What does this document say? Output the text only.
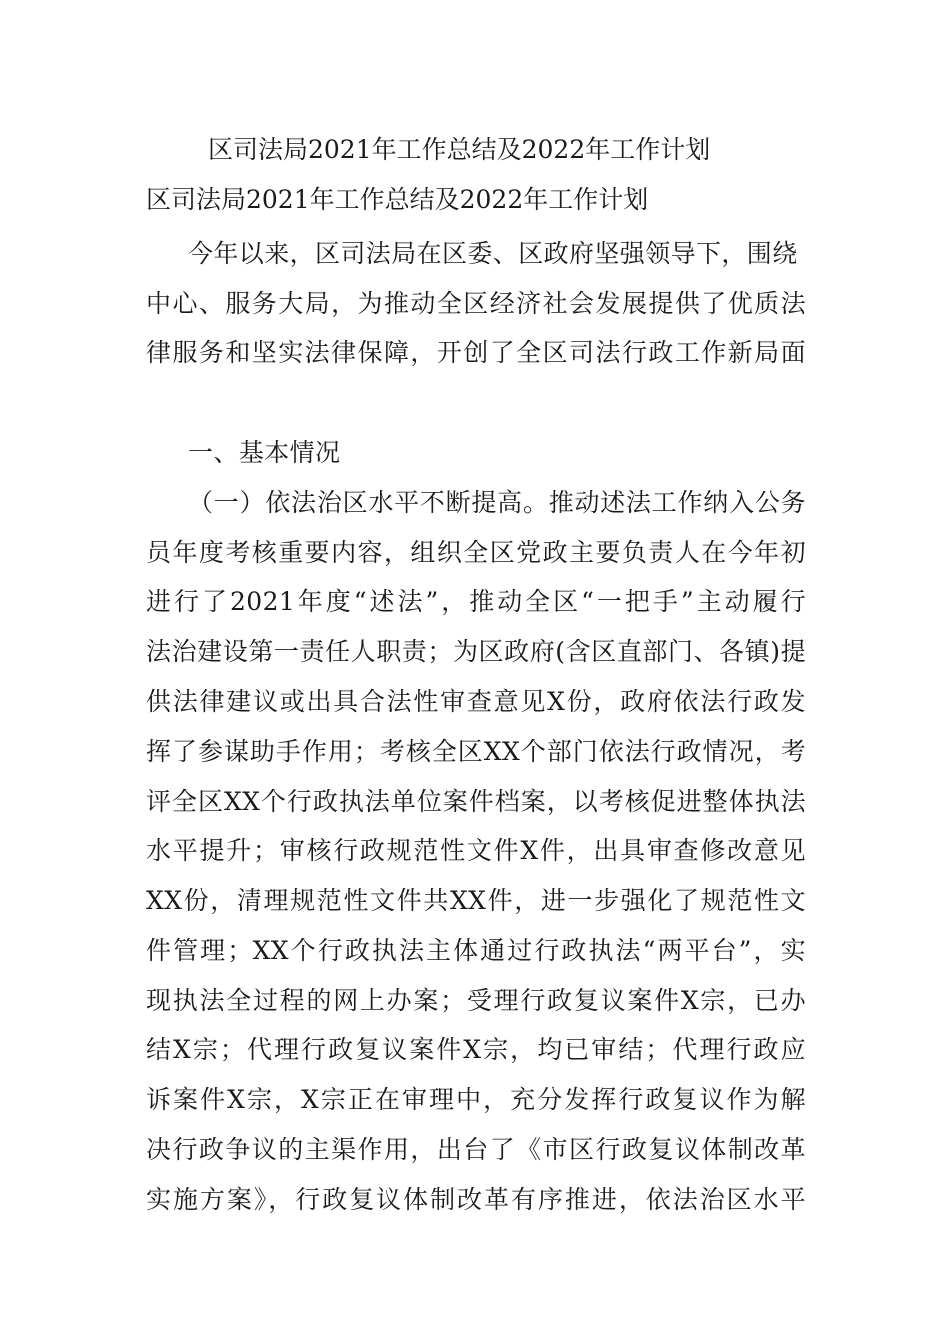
区司法局2021年工作总结及2022年工作计划
区司法局2021年工作总结及2022年工作计划
今年以来，区司法局在区委、区政府坚强领导下，围绕
中心、服务大局，为推动全区经济社会发展提供了优质法
律服务和坚实法律保障，开创了全区司法行政工作新局面
一、基本情况
（一）依法治区水平不断提高。推动述法工作纳入公务
员年度考核重要内容，组织全区党政主要负责人在今年初
进行了2021年度“述法”，推动全区“一把手”主动履行
法治建设第一责任人职责；为区政府(含区直部门、各镇)提
供法律建议或出具合法性审查意见X份，政府依法行政发
挥了参谋助手作用；考核全区XX个部门依法行政情况，考
评全区XX个行政执法单位案件档案，以考核促进整体执法
水平提升；审核行政规范性文件X件，出具审查修改意见
XX份，清理规范性文件共XX件，进一步强化了规范性文
件管理；XX个行政执法主体通过行政执法“两平台”，实
现执法全过程的网上办案；受理行政复议案件X宗，已办
结X宗；代理行政复议案件X宗，均已审结；代理行政应
诉案件X宗，X宗正在审理中，充分发挥行政复议作为解
决行政争议的主渠作用，出台了《市区行政复议体制改革
实施方案》，行政复议体制改革有序推进，依法治区水平
